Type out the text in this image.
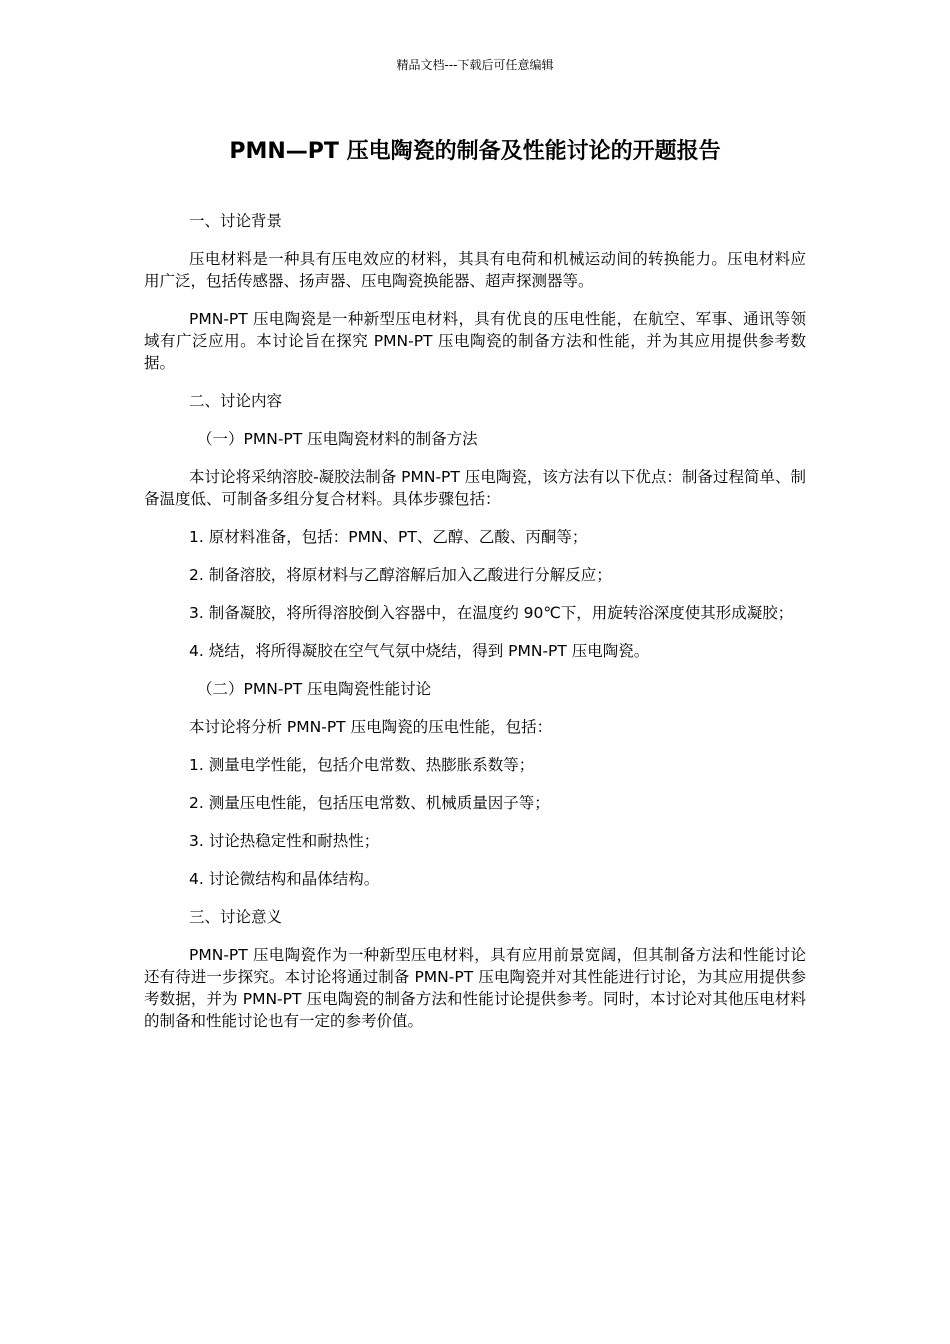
精品文档---下载后可任意编辑
PMN—PT 压电陶瓷的制备及性能讨论的开题报告

一、讨论背景

压电材料是一种具有压电效应的材料，其具有电荷和机械运动间的转换能力。压电材料应用广泛，包括传感器、扬声器、压电陶瓷换能器、超声探测器等。

PMN-PT 压电陶瓷是一种新型压电材料，具有优良的压电性能，在航空、军事、通讯等领域有广泛应用。本讨论旨在探究 PMN-PT 压电陶瓷的制备方法和性能，并为其应用提供参考数据。

二、讨论内容

（一）PMN-PT 压电陶瓷材料的制备方法

本讨论将采纳溶胶-凝胶法制备 PMN-PT 压电陶瓷，该方法有以下优点：制备过程简单、制备温度低、可制备多组分复合材料。具体步骤包括：

1. 原材料准备，包括：PMN、PT、乙醇、乙酸、丙酮等；

2. 制备溶胶，将原材料与乙醇溶解后加入乙酸进行分解反应；

3. 制备凝胶，将所得溶胶倒入容器中，在温度约 90℃下，用旋转浴深度使其形成凝胶；

4. 烧结，将所得凝胶在空气气氛中烧结，得到 PMN-PT 压电陶瓷。

（二）PMN-PT 压电陶瓷性能讨论

本讨论将分析 PMN-PT 压电陶瓷的压电性能，包括：

1. 测量电学性能，包括介电常数、热膨胀系数等；

2. 测量压电性能，包括压电常数、机械质量因子等；

3. 讨论热稳定性和耐热性；

4. 讨论微结构和晶体结构。

三、讨论意义

PMN-PT 压电陶瓷作为一种新型压电材料，具有应用前景宽阔，但其制备方法和性能讨论还有待进一步探究。本讨论将通过制备 PMN-PT 压电陶瓷并对其性能进行讨论，为其应用提供参考数据，并为 PMN-PT 压电陶瓷的制备方法和性能讨论提供参考。同时，本讨论对其他压电材料的制备和性能讨论也有一定的参考价值。
